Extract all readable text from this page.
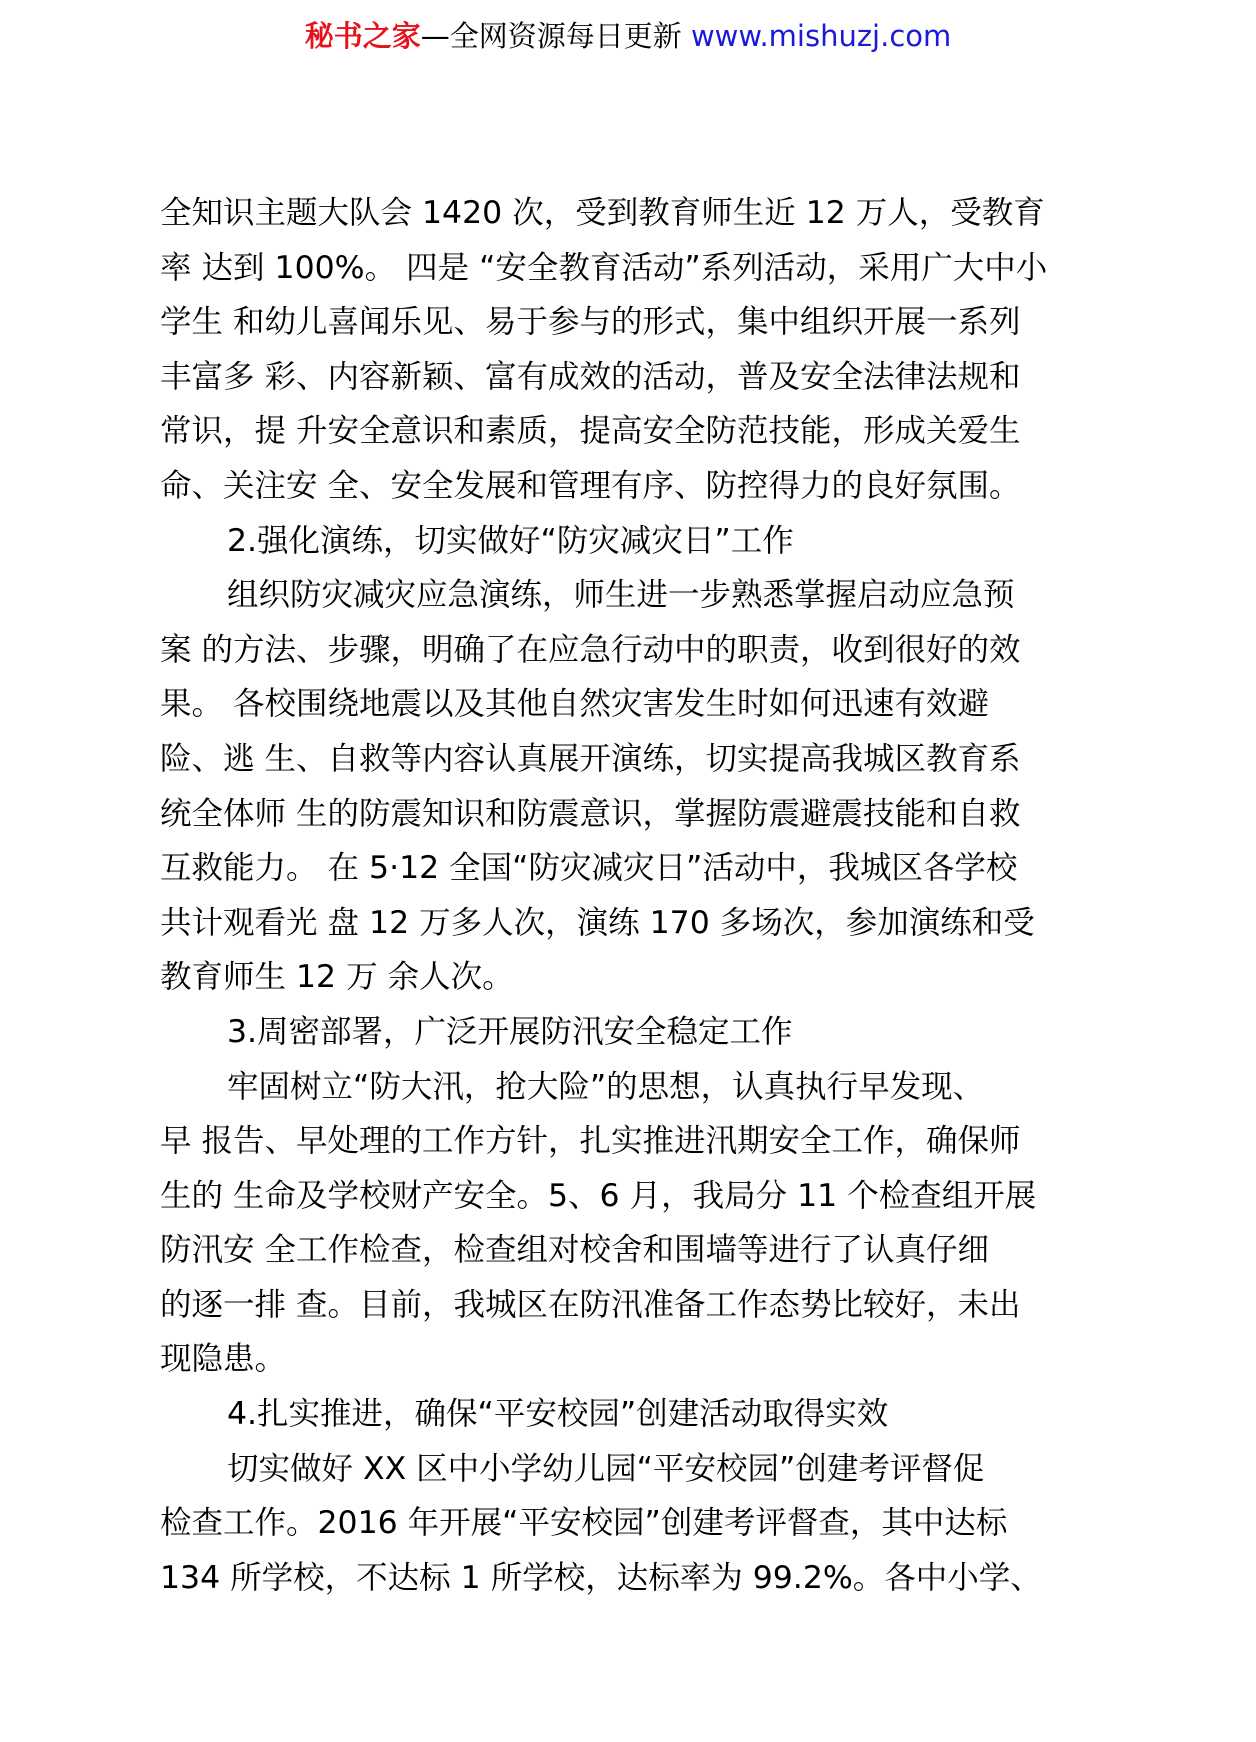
秘书之家—全网资源每日更新 www.mishuzj.com
全知识主题大队会 1420 次，受到教育师生近 12 万人，受教育
率 达到 100%。 四是 “安全教育活动”系列活动，采用广大中小
学生 和幼儿喜闻乐见、易于参与的形式，集中组织开展一系列
丰富多 彩、内容新颖、富有成效的活动，普及安全法律法规和
常识，提 升安全意识和素质，提高安全防范技能，形成关爱生
命、关注安 全、安全发展和管理有序、防控得力的良好氛围。
2.强化演练，切实做好“防灾减灾日”工作
组织防灾减灾应急演练，师生进一步熟悉掌握启动应急预
案 的方法、步骤，明确了在应急行动中的职责，收到很好的效
果。 各校围绕地震以及其他自然灾害发生时如何迅速有效避
险、逃 生、自救等内容认真展开演练，切实提高我城区教育系
统全体师 生的防震知识和防震意识，掌握防震避震技能和自救
互救能力。 在 5·12 全国“防灾减灾日”活动中，我城区各学校
共计观看光 盘 12 万多人次，演练 170 多场次，参加演练和受
教育师生 12 万 余人次。
3.周密部署，广泛开展防汛安全稳定工作
牢固树立“防大汛，抢大险”的思想，认真执行早发现、
早 报告、早处理的工作方针，扎实推进汛期安全工作，确保师
生的 生命及学校财产安全。5、6 月，我局分 11 个检查组开展
防汛安 全工作检查，检查组对校舍和围墙等进行了认真仔细
的逐一排 查。目前，我城区在防汛准备工作态势比较好，未出
现隐患。
4.扎实推进，确保“平安校园”创建活动取得实效
切实做好 XX 区中小学幼儿园“平安校园”创建考评督促
检查工作。2016 年开展“平安校园”创建考评督查，其中达标
134 所学校，不达标 1 所学校，达标率为 99.2%。各中小学、
